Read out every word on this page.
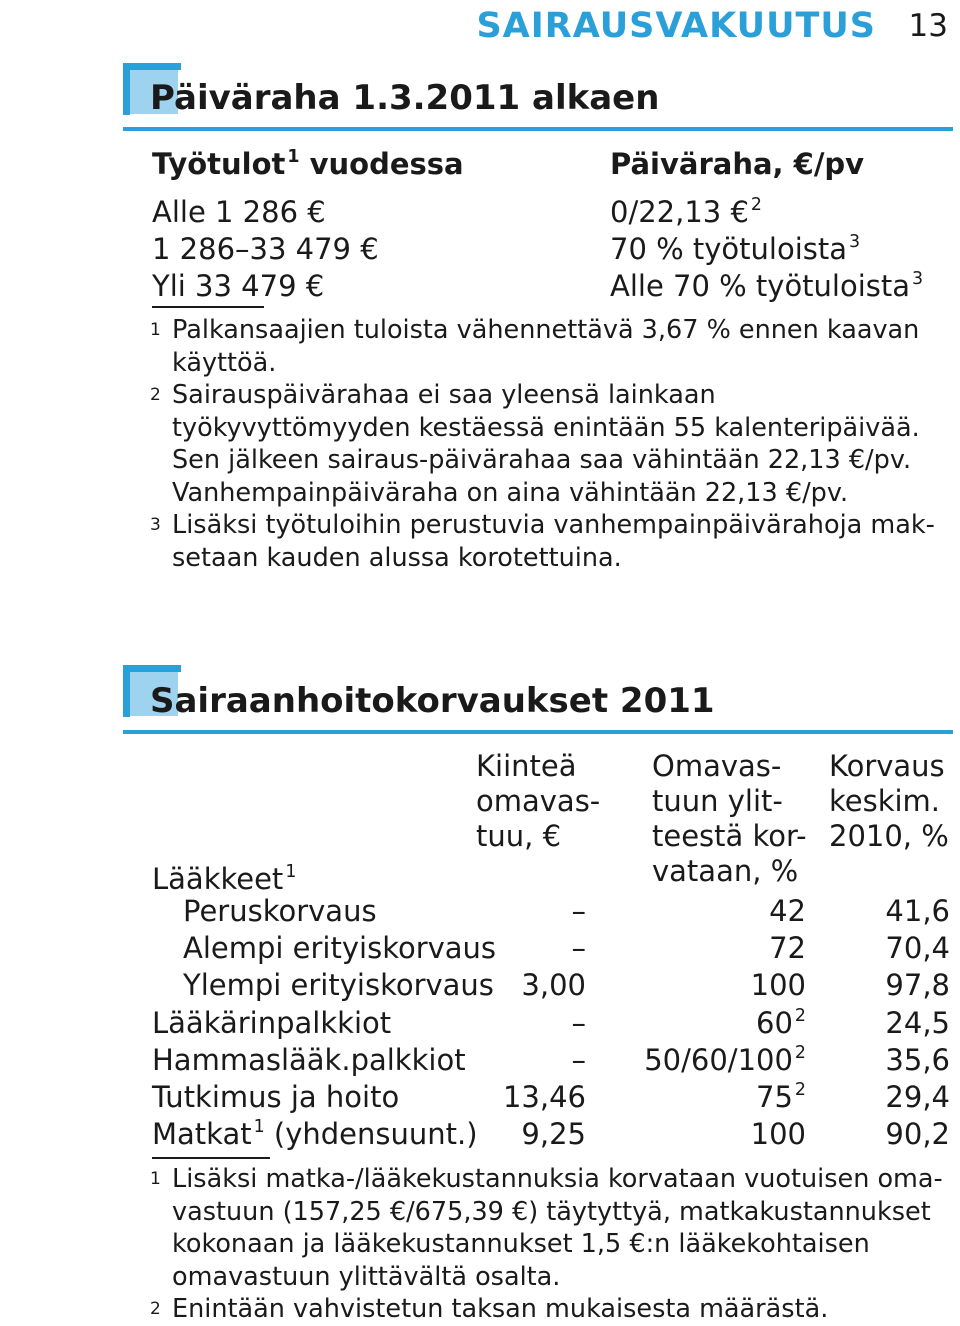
SAIRAUSVAKUUTUS 13
Päiväraha 1.3.2011 alkaen
Työtulot $^1$ vuodessa	Päiväraha, €/pv
Alle 1 286 €	0/22,13 € $^2$
1 286–33 479 €	70 % työtuloista $^3$
Yli 33 479 €	Alle 70 % työtuloista $^3$
1 Palkansaajien tuloista vähennettävä 3,67 % ennen kaavan käyttöä.
2 Sairauspäivärahaa ei saa yleensä lainkaan työkyvyttömyyden kestäessä enintään 55 kalenteripäivää. Sen jälkeen sairaus-päivärahaa saa vähintään 22,13 €/pv. Vanhempainpäiväraha on aina vähintään 22,13 €/pv.
3 Lisäksi työtuloihin perustuvia vanhempainpäivärahoja mak-setaan kauden alussa korotettuina.
Sairaanhoitokorvaukset 2011
Kiinteä
omavas-
tuu, €
Omavas-
tuun ylit-
teestä kor-
vataan, %
Korvaus
keskim.
2010, %
Lääkkeet $^1$
Peruskorvaus	–	42	41,6
Alempi erityiskorvaus	–	72	70,4
Ylempi erityiskorvaus 3,00	100	97,8
Lääkärinpalkkiot	–	60 $^2$	24,5
Hammaslääk.palkkiot	– 50/60/100 $^2$	35,6
Tutkimus ja hoito	13,46	75 $^2$	29,4
Matkat $^1$ (yhdensuunt.) 9,25	100	90,2
1 Lisäksi matka-/lääkekustannuksia korvataan vuotuisen oma-vastuun (157,25 €/675,39 €) täytyttyä, matkakustannukset kokonaan ja lääkekustannukset 1,5 €:n lääkekohtaisen omavastuun ylittävältä osalta.
2 Enintään vahvistetun taksan mukaisesta määrästä.
